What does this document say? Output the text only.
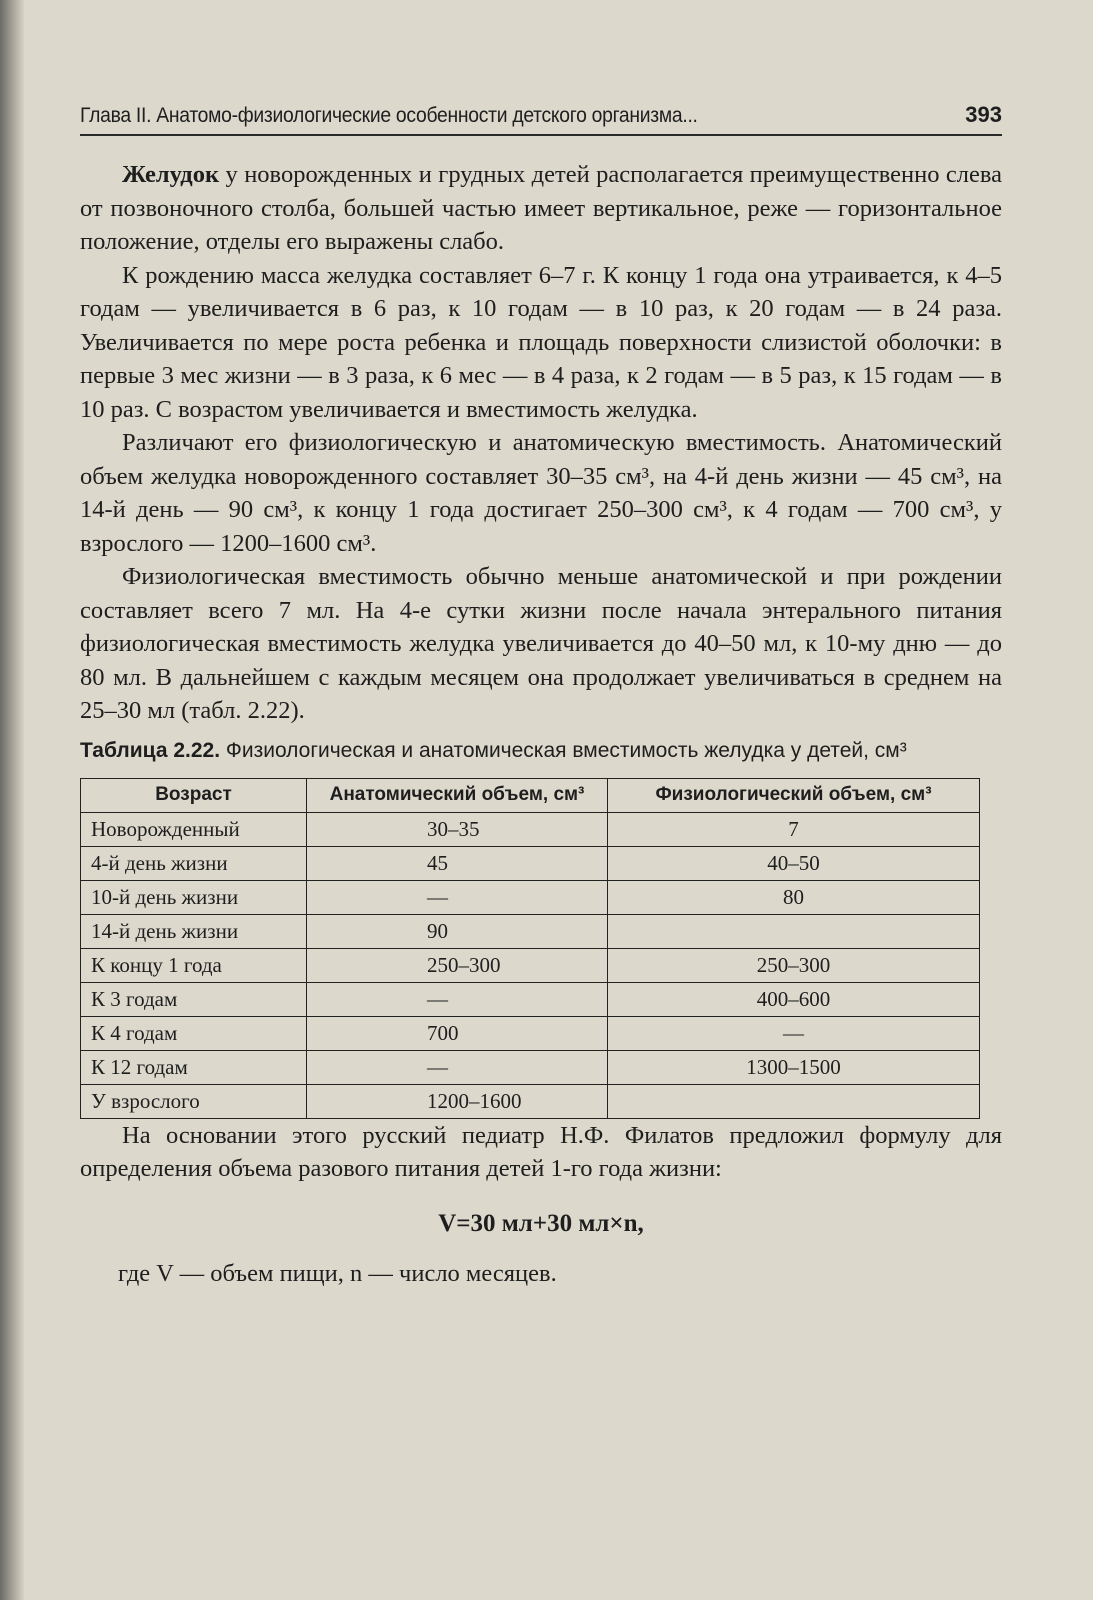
Глава II. Анатомо-физиологические особенности детского организма...	393

Желудок у новорожденных и грудных детей располагается преимущественно слева от позвоночного столба, большей частью имеет вертикальное, реже — горизонтальное положение, отделы его выражены слабо.

К рождению масса желудка составляет 6–7 г. К концу 1 года она утраивается, к 4–5 годам — увеличивается в 6 раз, к 10 годам — в 10 раз, к 20 годам — в 24 раза. Увеличивается по мере роста ребенка и площадь поверхности слизистой оболочки: в первые 3 мес жизни — в 3 раза, к 6 мес — в 4 раза, к 2 годам — в 5 раз, к 15 годам — в 10 раз. С возрастом увеличивается и вместимость желудка.

Различают его физиологическую и анатомическую вместимость. Анатомический объем желудка новорожденного составляет 30–35 см³, на 4-й день жизни — 45 см³, на 14-й день — 90 см³, к концу 1 года достигает 250–300 см³, к 4 годам — 700 см³, у взрослого — 1200–1600 см³.

Физиологическая вместимость обычно меньше анатомической и при рождении составляет всего 7 мл. На 4-е сутки жизни после начала энтерального питания физиологическая вместимость желудка увеличивается до 40–50 мл, к 10-му дню — до 80 мл. В дальнейшем с каждым месяцем она продолжает увеличиваться в среднем на 25–30 мл (табл. 2.22).

Таблица 2.22. Физиологическая и анатомическая вместимость желудка у детей, см³
Возраст	Анатомический объем, см³	Физиологический объем, см³
Новорожденный	30–35	7
4-й день жизни	45	40–50
10-й день жизни	—	80
14-й день жизни	90	
К концу 1 года	250–300	250–300
К 3 годам	—	400–600
К 4 годам	700	—
К 12 годам	—	1300–1500
У взрослого	1200–1600	

На основании этого русский педиатр Н.Ф. Филатов предложил формулу для определения объема разового питания детей 1-го года жизни:

V=30 мл+30 мл×n,
где V — объем пищи, n — число месяцев.
